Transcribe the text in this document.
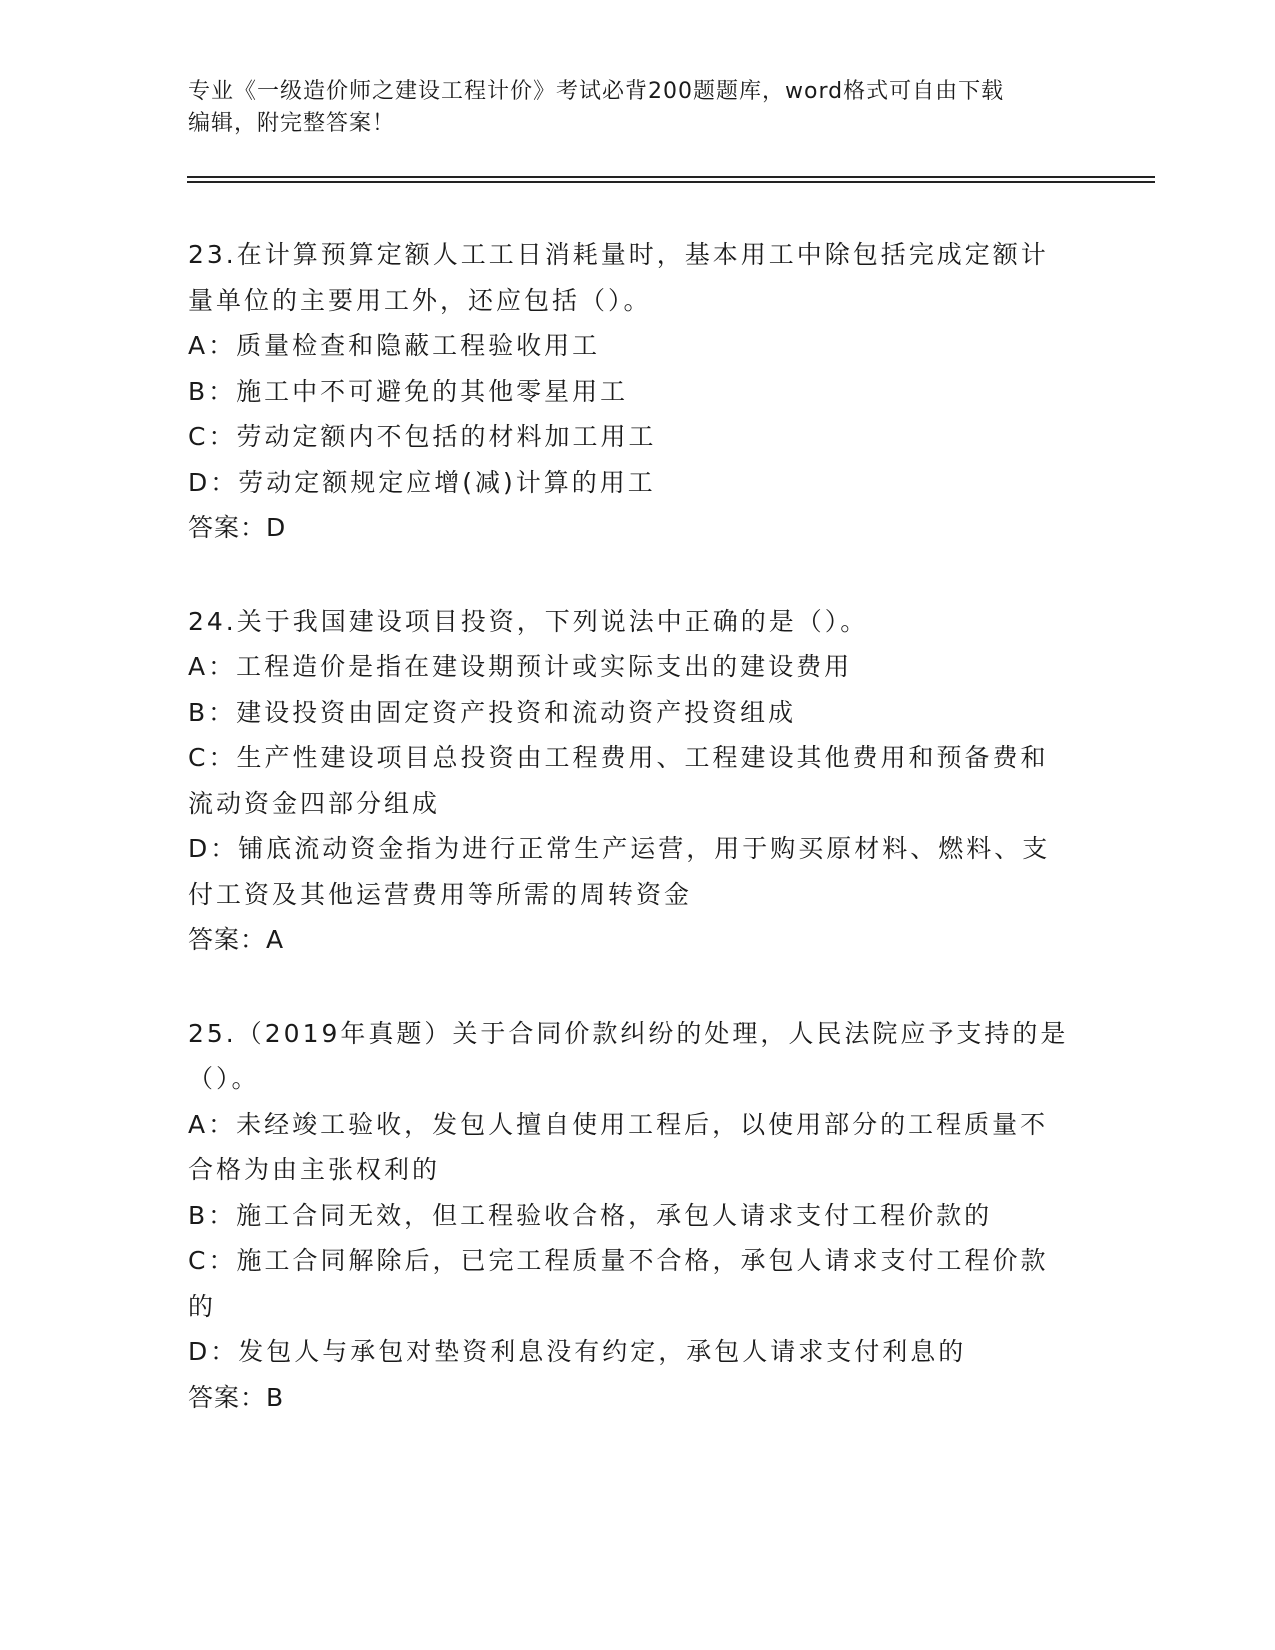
专业《一级造价师之建设工程计价》考试必背200题题库，word格式可自由下载
编辑，附完整答案！
23.在计算预算定额人工工日消耗量时，基本用工中除包括完成定额计
量单位的主要用工外，还应包括（）。
A：质量检查和隐蔽工程验收用工
B：施工中不可避免的其他零星用工
C：劳动定额内不包括的材料加工用工
D：劳动定额规定应增(减)计算的用工
答案：D
24.关于我国建设项目投资，下列说法中正确的是（）。
A：工程造价是指在建设期预计或实际支出的建设费用
B：建设投资由固定资产投资和流动资产投资组成
C：生产性建设项目总投资由工程费用、工程建设其他费用和预备费和
流动资金四部分组成
D：铺底流动资金指为进行正常生产运营，用于购买原材料、燃料、支
付工资及其他运营费用等所需的周转资金
答案：A
25.（2019年真题）关于合同价款纠纷的处理，人民法院应予支持的是
（）。
A：未经竣工验收，发包人擅自使用工程后，以使用部分的工程质量不
合格为由主张权利的
B：施工合同无效，但工程验收合格，承包人请求支付工程价款的
C：施工合同解除后，已完工程质量不合格，承包人请求支付工程价款
的
D：发包人与承包对垫资利息没有约定，承包人请求支付利息的
答案：B
